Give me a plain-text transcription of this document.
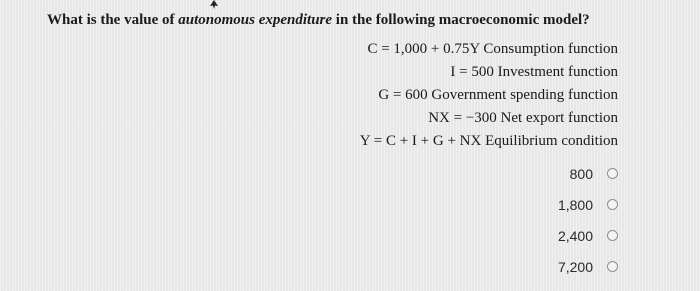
What is the value of autonomous expenditure in the following macroeconomic model?
C = 1,000 + 0.75Y Consumption function
I = 500 Investment function
G = 600 Government spending function
NX = −300 Net export function
Y = C + I + G + NX Equilibrium condition
800
1,800
2,400
7,200
